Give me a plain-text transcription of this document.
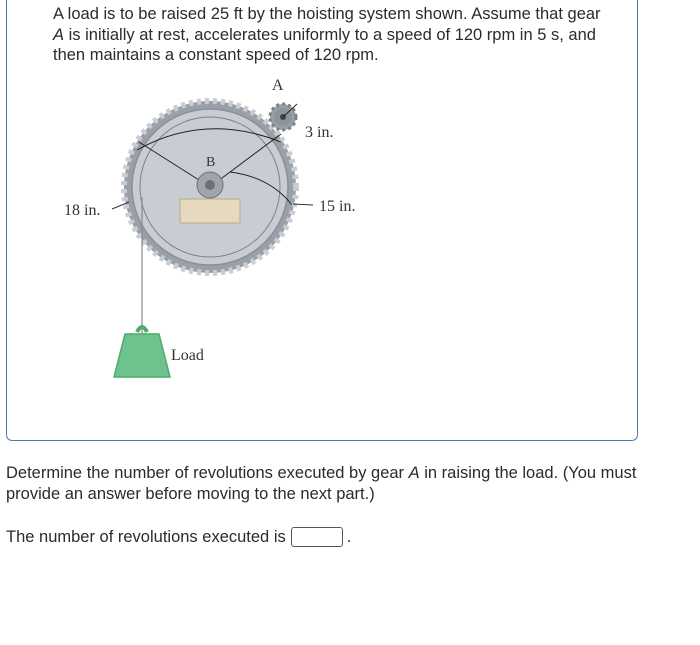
A load is to be raised 25 ft by the hoisting system shown. Assume that gear A is initially at rest, accelerates uniformly to a speed of 120 rpm in 5 s, and then maintains a constant speed of 120 rpm.
A
B
3 in.
15 in.
18 in.
Load
Determine the number of revolutions executed by gear A in raising the load. (You must provide an answer before moving to the next part.)
The number of revolutions executed is	.
